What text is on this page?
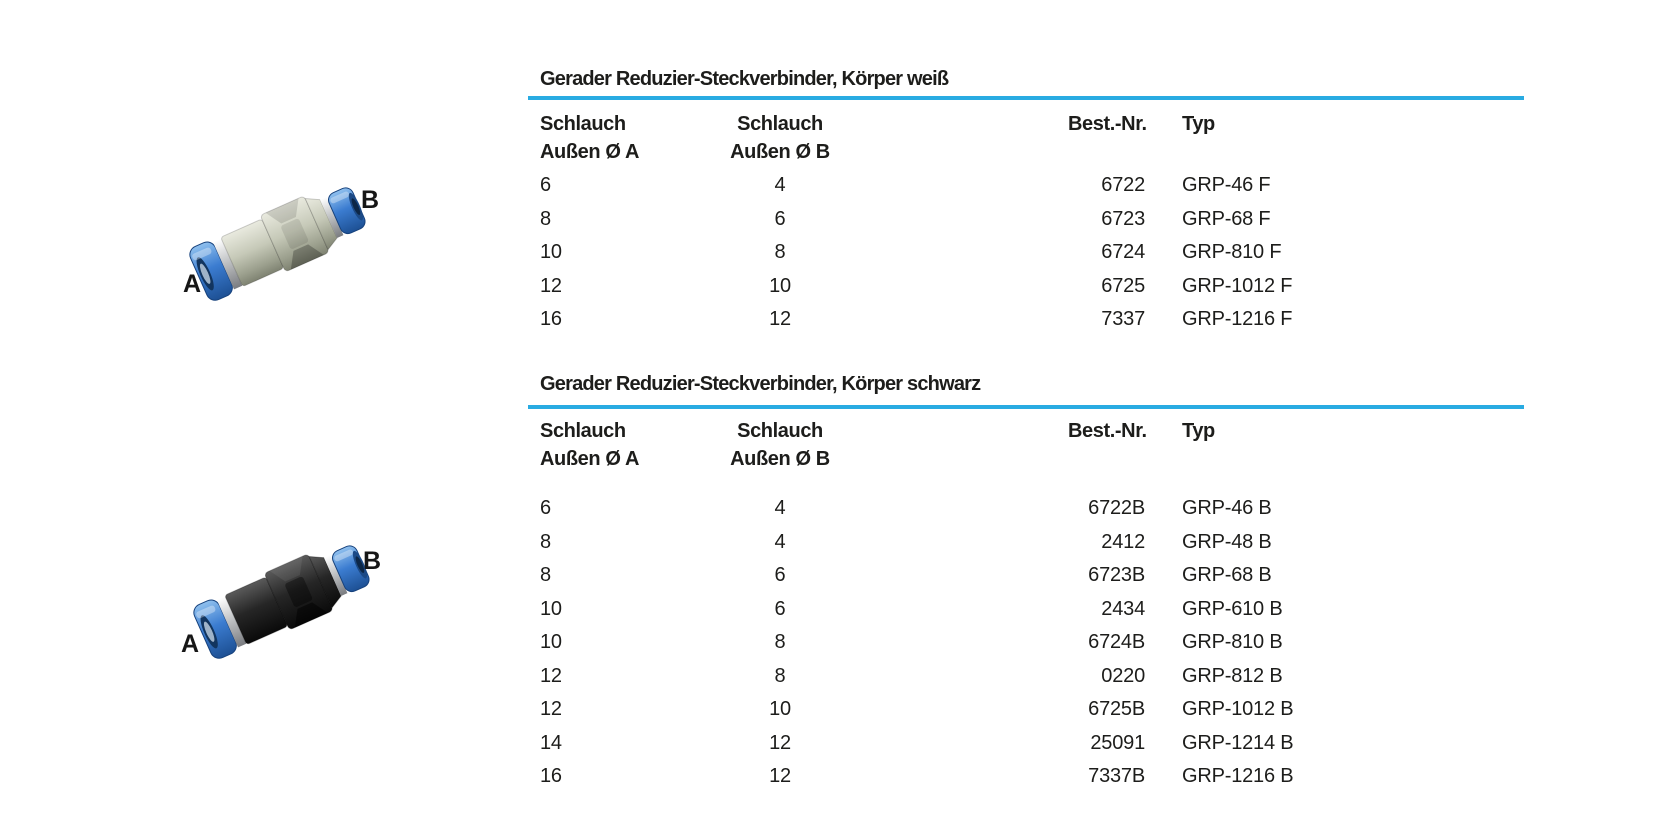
A
B
A
B
Gerader Reduzier-Steckverbinder, Körper weiß
Schlauch
Außen Ø A
Schlauch
Außen Ø B
Best.-Nr. Typ
6	4	6722 GRP-46 F
8	6	6723 GRP-68 F
10	8	6724 GRP-810 F
12	10	6725 GRP-1012 F
16	12	7337 GRP-1216 F
Gerader Reduzier-Steckverbinder, Körper schwarz
Schlauch
Außen Ø A
Schlauch
Außen Ø B
Best.-Nr. Typ
6	4	6722B GRP-46 B
8	4	2412 GRP-48 B
8	6	6723B GRP-68 B
10	6	2434 GRP-610 B
10	8	6724B GRP-810 B
12	8	0220 GRP-812 B
12	10	6725B GRP-1012 B
14	12	25091 GRP-1214 B
16	12	7337B GRP-1216 B
